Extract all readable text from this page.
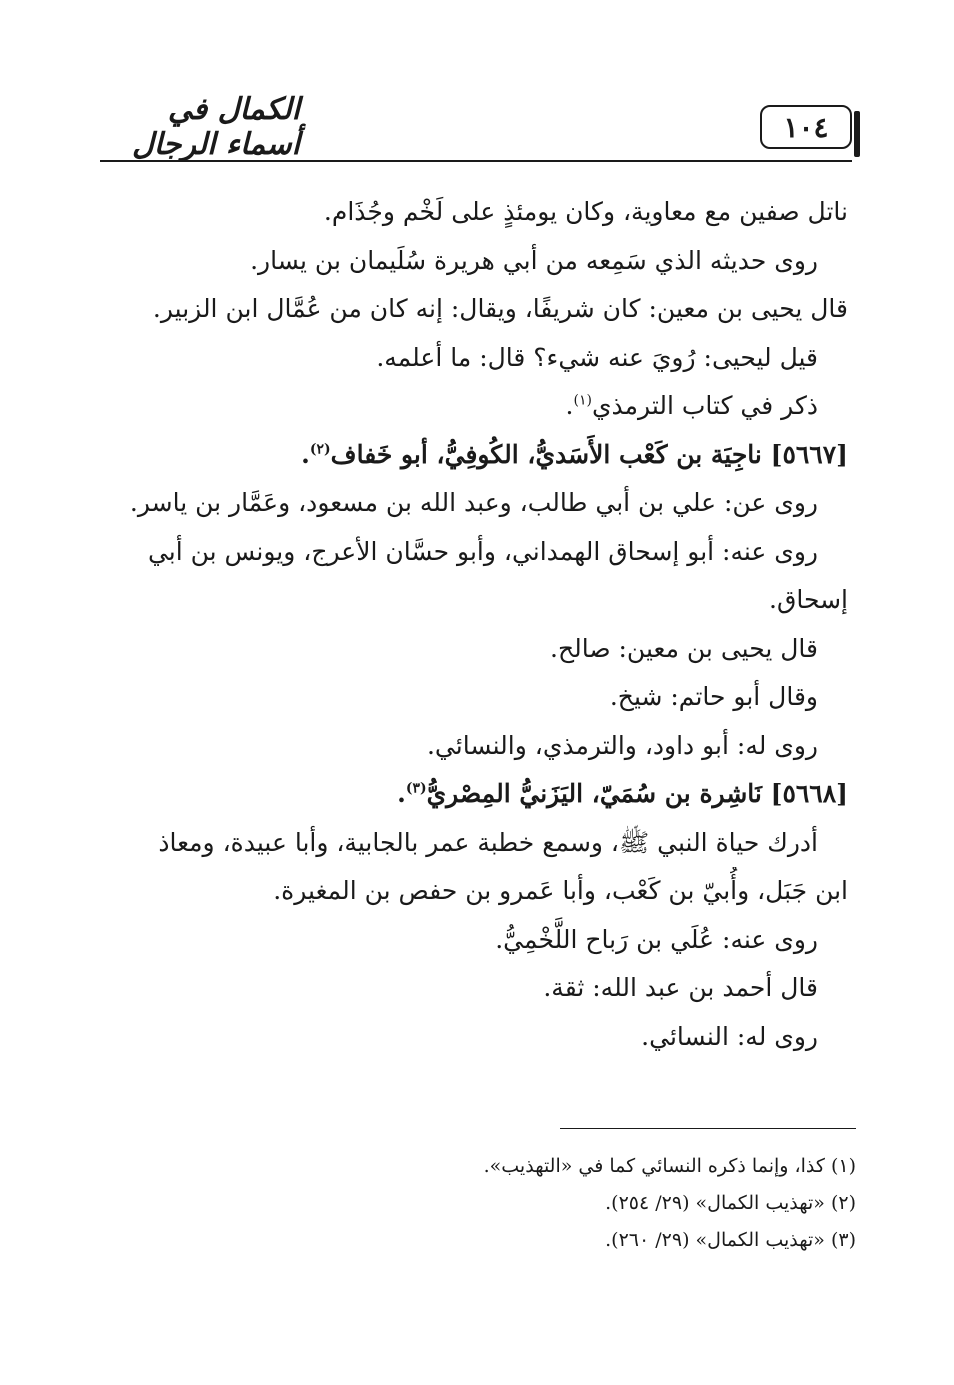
١٠٤
الكمال في أسماء الرجال
ناتل صفين مع معاوية، وكان يومئذٍ على لَخْم وجُذَام.
روى حديثه الذي سَمِعه من أبي هريرة سُلَيمان بن يسار.
قال يحيى بن معين: كان شريفًا، ويقال: إنه كان من عُمَّال ابن الزبير.
قيل ليحيى: رُويَ عنه شيء؟ قال: ما أعلمه.
ذكر في كتاب الترمذي$^{(١)}$.
[٥٦٦٧] ناجِيَة بن كَعْب الأَسَديُّ، الكُوفِيُّ، أبو خَفاف$^{(٢)}$.
روى عن: علي بن أبي طالب، وعبد الله بن مسعود، وعَمَّار بن ياسر.
روى عنه: أبو إسحاق الهمداني، وأبو حسَّان الأعرج، ويونس بن أبي
إسحاق.
قال يحيى بن معين: صالح.
وقال أبو حاتم: شيخ.
روى له: أبو داود، والترمذي، والنسائي.
[٥٦٦٨] نَاشِرة بن سُمَيّ، اليَزَنيُّ المِصْريُّ$^{(٣)}$.
أدرك حياة النبي ﷺ، وسمع خطبة عمر بالجابية، وأبا عبيدة، ومعاذ
ابن جَبَل، وأُبيّ بن كَعْب، وأبا عَمرو بن حفص بن المغيرة.
روى عنه: عُلَي بن رَباح اللَّخْمِيُّ.
قال أحمد بن عبد الله: ثقة.
روى له: النسائي.
(١) كذا، وإنما ذكره النسائي كما في «التهذيب».
(٢) «تهذيب الكمال» (٢٩/ ٢٥٤).
(٣) «تهذيب الكمال» (٢٩/ ٢٦٠).
